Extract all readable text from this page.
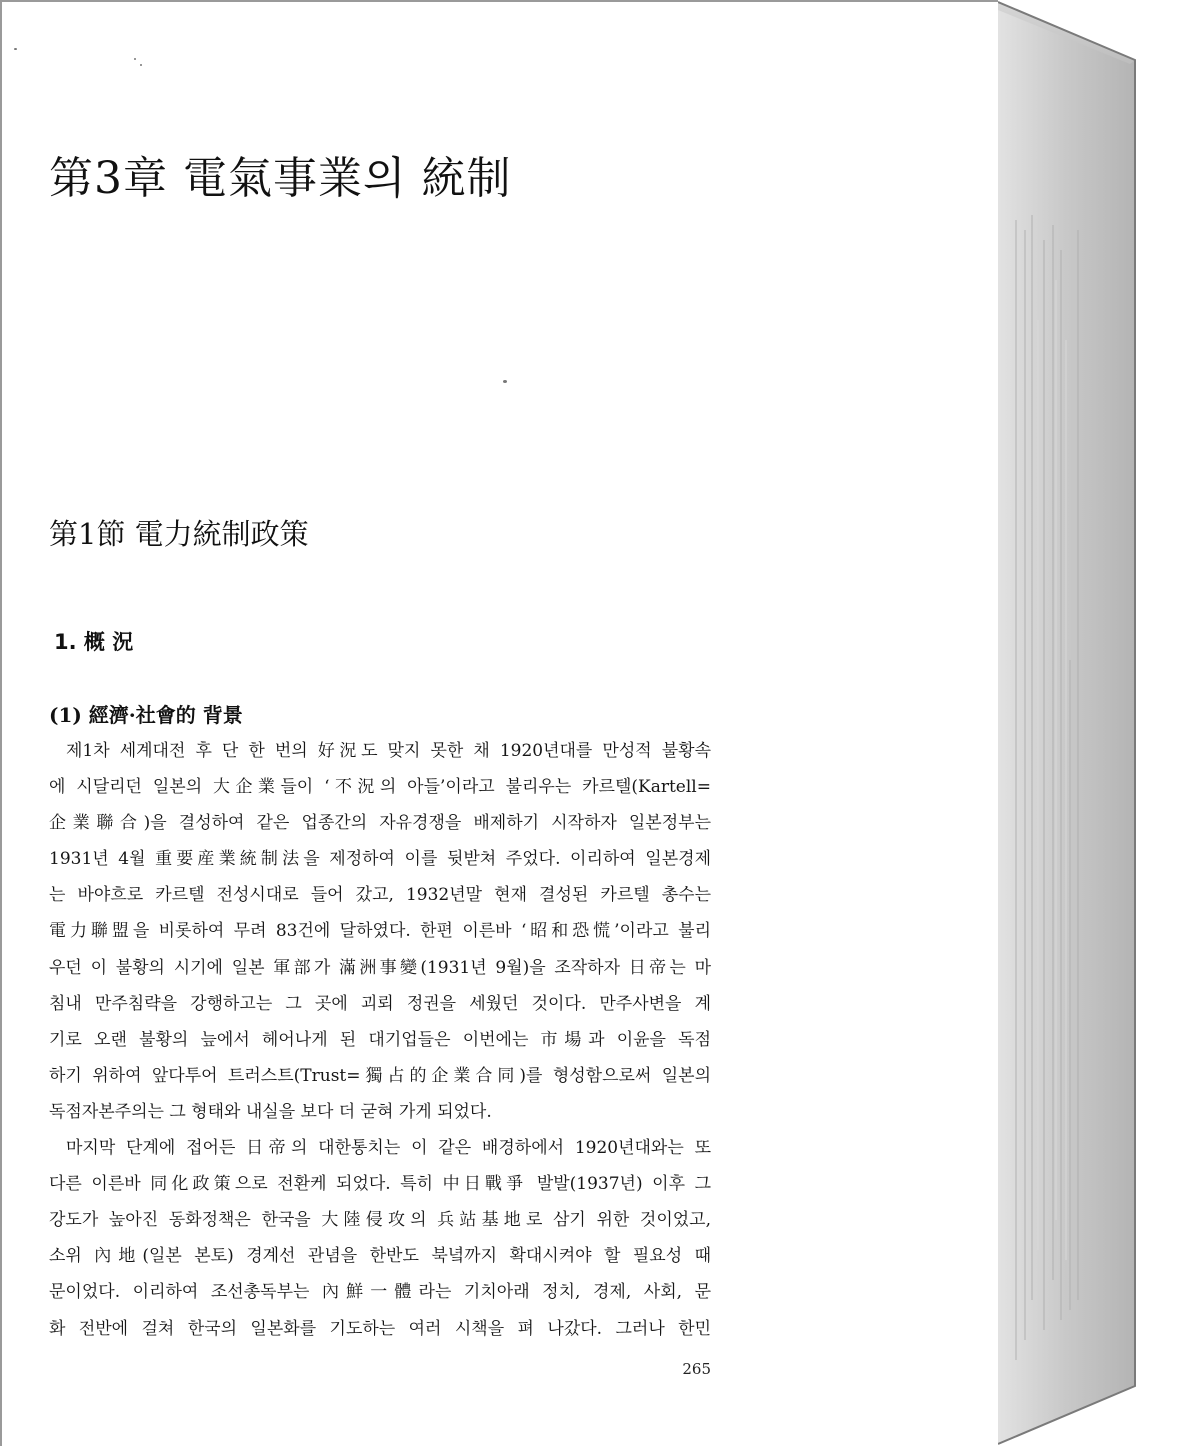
第3章 電氣事業의 統制
第1節 電力統制政策
1. 概 況
(1) 經濟·社會的 背景
제1차 세계대전 후 단 한 번의 好況도 맞지 못한 채 1920년대를 만성적 불황속
에 시달리던 일본의 大企業들이 ‘不況의 아들’이라고 불리우는 카르텔(Kartell=
企業聯合)을 결성하여 같은 업종간의 자유경쟁을 배제하기 시작하자 일본정부는
1931년 4월 重要産業統制法을 제정하여 이를 뒷받쳐 주었다. 이리하여 일본경제
는 바야흐로 카르텔 전성시대로 들어 갔고, 1932년말 현재 결성된 카르텔 총수는
電力聯盟을 비롯하여 무려 83건에 달하였다. 한편 이른바 ‘昭和恐慌’이라고 불리
우던 이 불황의 시기에 일본 軍部가 滿洲事變(1931년 9월)을 조작하자 日帝는 마
침내 만주침략을 강행하고는 그 곳에 괴뢰 정권을 세웠던 것이다. 만주사변을 계
기로 오랜 불황의 늪에서 헤어나게 된 대기업들은 이번에는 市場과 이윤을 독점
하기 위하여 앞다투어 트러스트(Trust=獨占的企業合同)를 형성함으로써 일본의
독점자본주의는 그 형태와 내실을 보다 더 굳혀 가게 되었다.
마지막 단계에 접어든 日帝의 대한통치는 이 같은 배경하에서 1920년대와는 또
다른 이른바 同化政策으로 전환케 되었다. 특히 中日戰爭 발발(1937년) 이후 그
강도가 높아진 동화정책은 한국을 大陸侵攻의 兵站基地로 삼기 위한 것이었고,
소위 內地(일본 본토) 경계선 관념을 한반도 북녘까지 확대시켜야 할 필요성 때
문이었다. 이리하여 조선총독부는 內鮮一體라는 기치아래 정치, 경제, 사회, 문
화 전반에 걸쳐 한국의 일본화를 기도하는 여러 시책을 펴 나갔다. 그러나 한민
265
